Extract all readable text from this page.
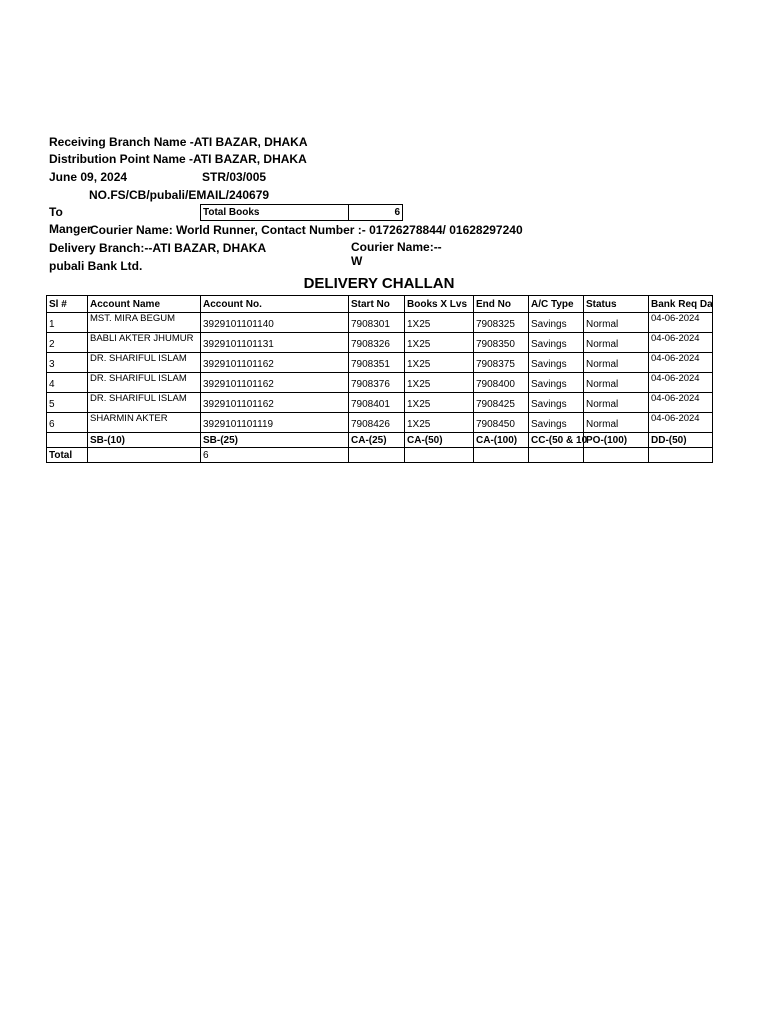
Receiving Branch Name -ATI BAZAR, DHAKA
Distribution Point Name -ATI BAZAR, DHAKA
June 09, 2024	STR/03/005
NO.FS/CB/pubali/EMAIL/240679
To	Total Books	6
Manger
Courier Name: World Runner, Contact Number :- 01726278844/ 01628297240
Delivery Branch:--ATI BAZAR, DHAKA	Courier Name:--W
pubali Bank Ltd.
DELIVERY CHALLAN
Sl #	Account Name	Account No.	Start No	Books X Lvs	End No	A/C Type	Status	Bank Req Da
1	MST. MIRA BEGUM	3929101101140	7908301	1X25	7908325	Savings	Normal	04-06-2024
2	BABLI AKTER JHUMUR	3929101101131	7908326	1X25	7908350	Savings	Normal	04-06-2024
3	DR. SHARIFUL ISLAM	3929101101162	7908351	1X25	7908375	Savings	Normal	04-06-2024
4	DR. SHARIFUL ISLAM	3929101101162	7908376	1X25	7908400	Savings	Normal	04-06-2024
5	DR. SHARIFUL ISLAM	3929101101162	7908401	1X25	7908425	Savings	Normal	04-06-2024
6	SHARMIN AKTER	3929101101119	7908426	1X25	7908450	Savings	Normal	04-06-2024
	SB-(10)	SB-(25)	CA-(25)	CA-(50)	CA-(100)	CC-(50 & 10	PO-(100)	DD-(50)
Total		6						
